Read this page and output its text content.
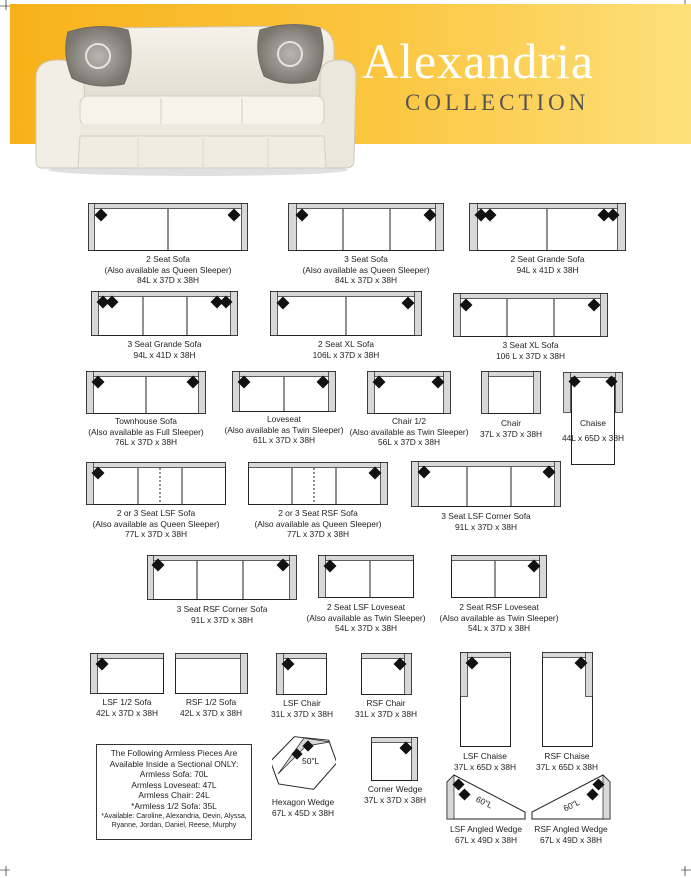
Alexandria
COLLECTION
2 Seat Sofa
(Also available as Queen Sleeper)
84L x 37D x 38H
3 Seat Sofa
(Also available as Queen Sleeper)
84L x 37D x 38H
2 Seat Grande Sofa
94L x 41D x 38H
3 Seat Grande Sofa
94L x 41D x 38H
2 Seat XL Sofa
106L x 37D x 38H
3 Seat XL Sofa
106 L x 37D x 38H
Townhouse Sofa
(Also available as Full Sleeper)
76L x 37D x 38H
Loveseat
(Also available as Twin Sleeper)
61L x 37D x 38H
Chair 1/2
(Also available as Twin Sleeper)
56L x 37D x 38H
Chair
37L x 37D x 38H
Chaise
44L x 65D x 38H
2 or 3 Seat LSF Sofa
(Also available as Queen Sleeper)
77L x 37D x 38H
2 or 3 Seat RSF Sofa
(Also available as Queen Sleeper)
77L x 37D x 38H
3 Seat LSF Corner Sofa
91L x 37D x 38H
3 Seat RSF Corner Sofa
91L x 37D x 38H
2 Seat LSF Loveseat
(Also available as Twin Sleeper)
54L x 37D x 38H
2 Seat RSF Loveseat
(Also available as Twin Sleeper)
54L x 37D x 38H
LSF 1/2 Sofa
42L x 37D x 38H
RSF 1/2 Sofa
42L x 37D x 38H
LSF Chair
31L x 37D x 38H
RSF Chair
31L x 37D x 38H
LSF Chaise
37L x 65D x 38H
RSF Chaise
37L x 65D x 38H
The Following Armless Pieces Are
Available Inside a Sectional ONLY:
Armless Sofa: 70L
Armless Loveseat: 47L
Armless Chair: 24L
*Armless 1/2 Sofa: 35L
*Available: Caroline, Alexandria, Devin, Alyssa,
Ryanne, Jordan, Daniel, Reese, Murphy
50"L
Hexagon Wedge
67L x 45D x 38H
Corner Wedge
37L x 37D x 38H	60"L
LSF Angled Wedge
67L x 49D x 38H
60"L
RSF Angled Wedge
67L x 49D x 38H
